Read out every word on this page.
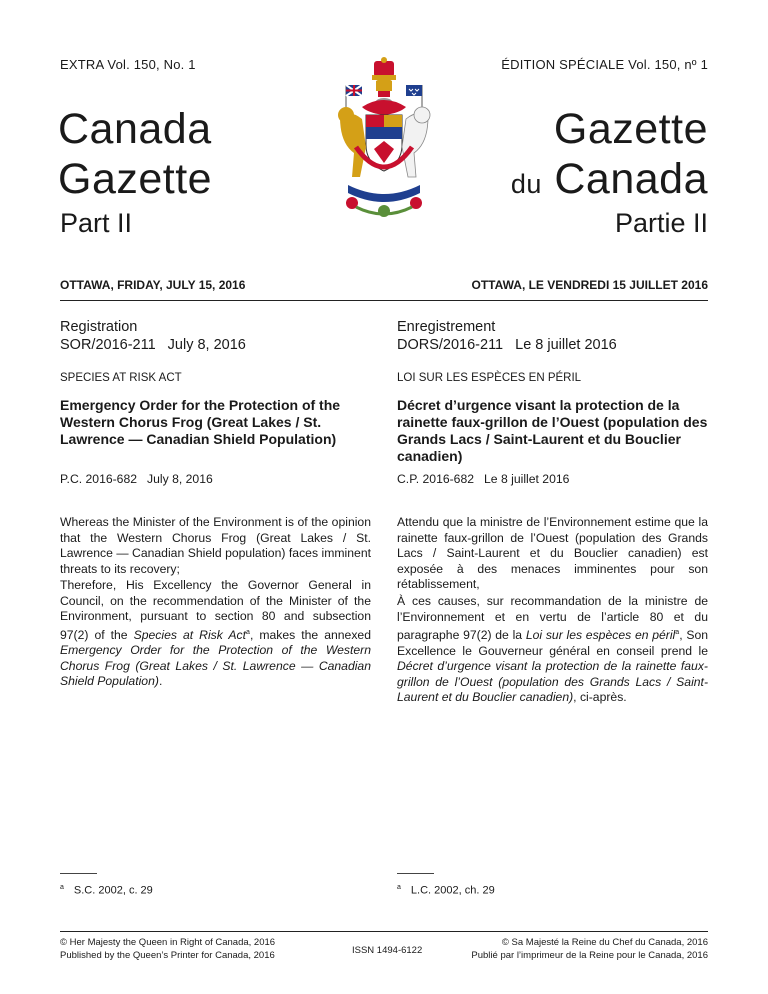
EXTRA Vol. 150, No. 1	ÉDITION SPÉCIALE Vol. 150, nº 1
Canada
Gazette
Gazette
du Canada
Part II	Partie II
OTTAWA, FRIDAY, JULY 15, 2016	OTTAWA, LE VENDREDI 15 JUILLET 2016
Registration
SOR/2016-211 July 8, 2016
SPECIES AT RISK ACT
Emergency Order for the Protection of the Western Chorus Frog (Great Lakes / St. Lawrence — Canadian Shield Population)
P.C. 2016-682 July 8, 2016
Whereas the Minister of the Environment is of the opinion that the Western Chorus Frog (Great Lakes / St. Lawrence — Canadian Shield population) faces imminent threats to its recovery;
Therefore, His Excellency the Governor General in Council, on the recommendation of the Minister of the Environment, pursuant to section 80 and subsection 97(2) of the Species at Risk Act$^a$, makes the annexed Emergency Order for the Protection of the Western Chorus Frog (Great Lakes / St. Lawrence — Canadian Shield Population).
$^a$ S.C. 2002, c. 29
Enregistrement
DORS/2016-211 Le 8 juillet 2016
LOI SUR LES ESPÈCES EN PÉRIL
Décret d’urgence visant la protection de la rainette faux-grillon de l’Ouest (population des Grands Lacs / Saint-Laurent et du Bouclier canadien)
C.P. 2016-682 Le 8 juillet 2016
Attendu que la ministre de l’Environnement estime que la rainette faux-grillon de l’Ouest (population des Grands Lacs / Saint-Laurent et du Bouclier canadien) est exposée à des menaces imminentes pour son rétablissement,
À ces causes, sur recommandation de la ministre de l’Environnement et en vertu de l’article 80 et du paragraphe 97(2) de la Loi sur les espèces en péril$^a$, Son Excellence le Gouverneur général en conseil prend le Décret d’urgence visant la protection de la rainette faux-grillon de l’Ouest (population des Grands Lacs / Saint-Laurent et du Bouclier canadien), ci-après.
$^a$ L.C. 2002, ch. 29
© Her Majesty the Queen in Right of Canada, 2016
Published by the Queen’s Printer for Canada, 2016	ISSN 1494-6122
© Sa Majesté la Reine du Chef du Canada, 2016
Publié par l’imprimeur de la Reine pour le Canada, 2016
